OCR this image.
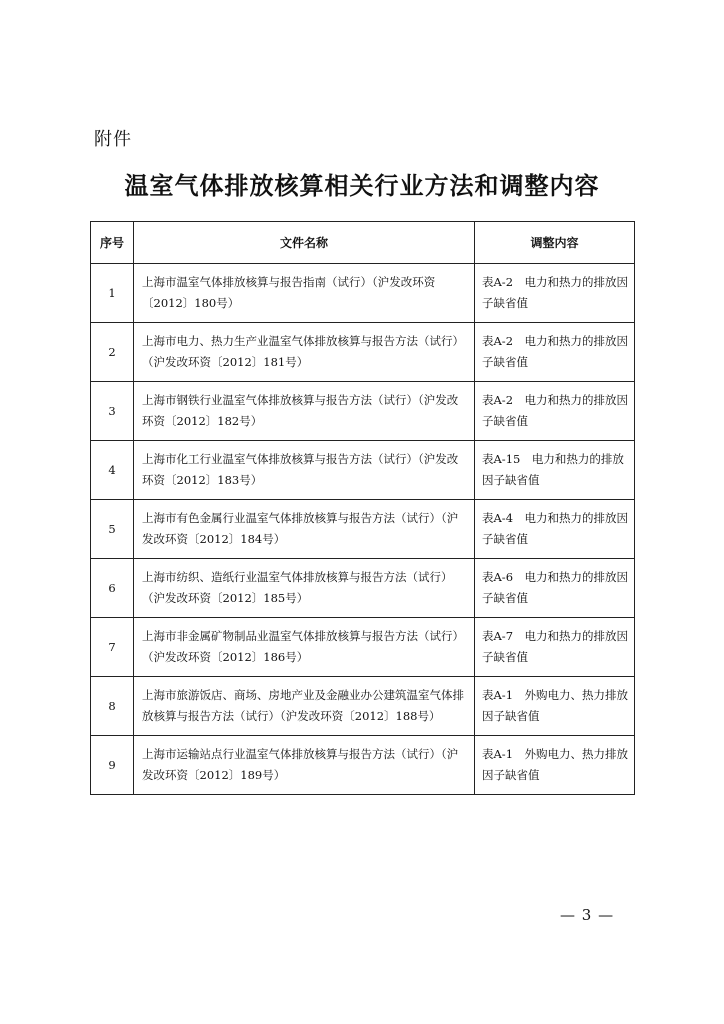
附件
温室气体排放核算相关行业方法和调整内容
序号	文件名称	调整内容
1	上海市温室气体排放核算与报告指南（试行）（沪发改环资〔2012〕180号）	表A-2　电力和热力的排放因子缺省值
2	上海市电力、热力生产业温室气体排放核算与报告方法（试行）（沪发改环资〔2012〕181号）	表A-2　电力和热力的排放因子缺省值
3	上海市钢铁行业温室气体排放核算与报告方法（试行）（沪发改环资〔2012〕182号）	表A-2　电力和热力的排放因子缺省值
4	上海市化工行业温室气体排放核算与报告方法（试行）（沪发改环资〔2012〕183号）	表A-15　电力和热力的排放因子缺省值
5	上海市有色金属行业温室气体排放核算与报告方法（试行）（沪发改环资〔2012〕184号）	表A-4　电力和热力的排放因子缺省值
6	上海市纺织、造纸行业温室气体排放核算与报告方法（试行）（沪发改环资〔2012〕185号）	表A-6　电力和热力的排放因子缺省值
7	上海市非金属矿物制品业温室气体排放核算与报告方法（试行）（沪发改环资〔2012〕186号）	表A-7　电力和热力的排放因子缺省值
8	上海市旅游饭店、商场、房地产业及金融业办公建筑温室气体排放核算与报告方法（试行）（沪发改环资〔2012〕188号）	表A-1　外购电力、热力排放因子缺省值
9	上海市运输站点行业温室气体排放核算与报告方法（试行）（沪发改环资〔2012〕189号）	表A-1　外购电力、热力排放因子缺省值
— 3 —
